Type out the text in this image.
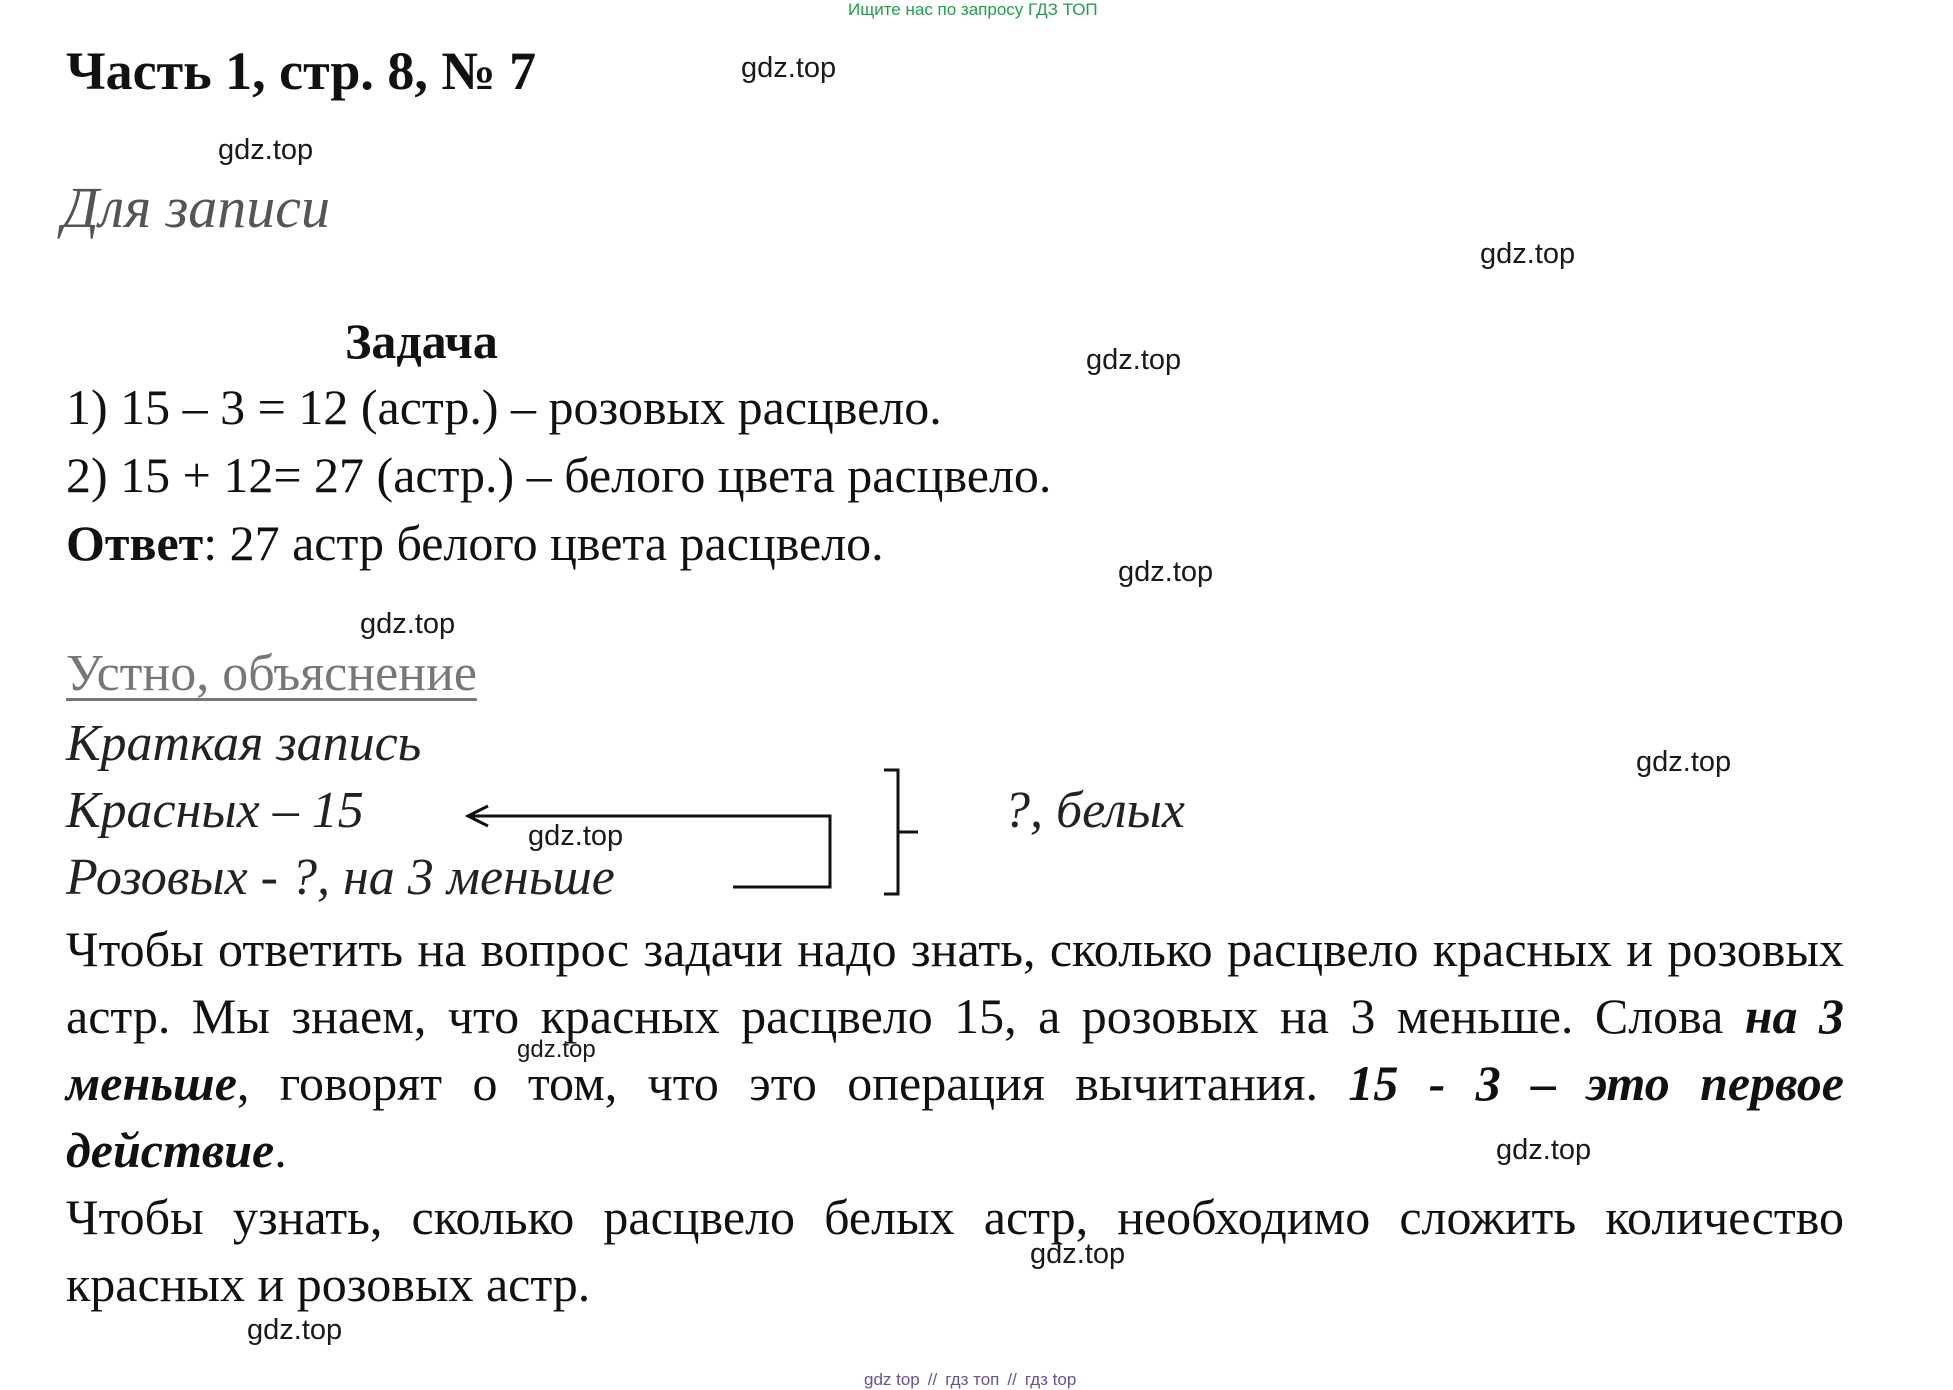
Ищите нас по запросу ГДЗ ТОП
Часть 1, стр. 8, № 7
Для записи
Задача
1) 15 – 3 = 12 (астр.) – розовых расцвело.
2) 15 + 12= 27 (астр.) – белого цвета расцвело.
Ответ: 27 астр белого цвета расцвело.
Устно, объяснение
Краткая запись
Красных – 15
Розовых - ?, на 3 меньше
?, белых
Чтобы ответить на вопрос задачи надо знать, сколько расцвело красных и розовых астр. Мы знаем, что красных расцвело 15, а розовых на 3 меньше. Слова на 3 меньше, говорят о том, что это операция вычитания. 15 - 3 – это первое действие.
Чтобы узнать, сколько расцвело белых астр, необходимо сложить количество красных и розовых астр.
gdz.top
gdz.top
gdz.top
gdz.top
gdz.top
gdz.top
gdz.top
gdz.top
gdz.top
gdz.top
gdz.top
gdz.top
gdz top // гдз топ // гдз top
